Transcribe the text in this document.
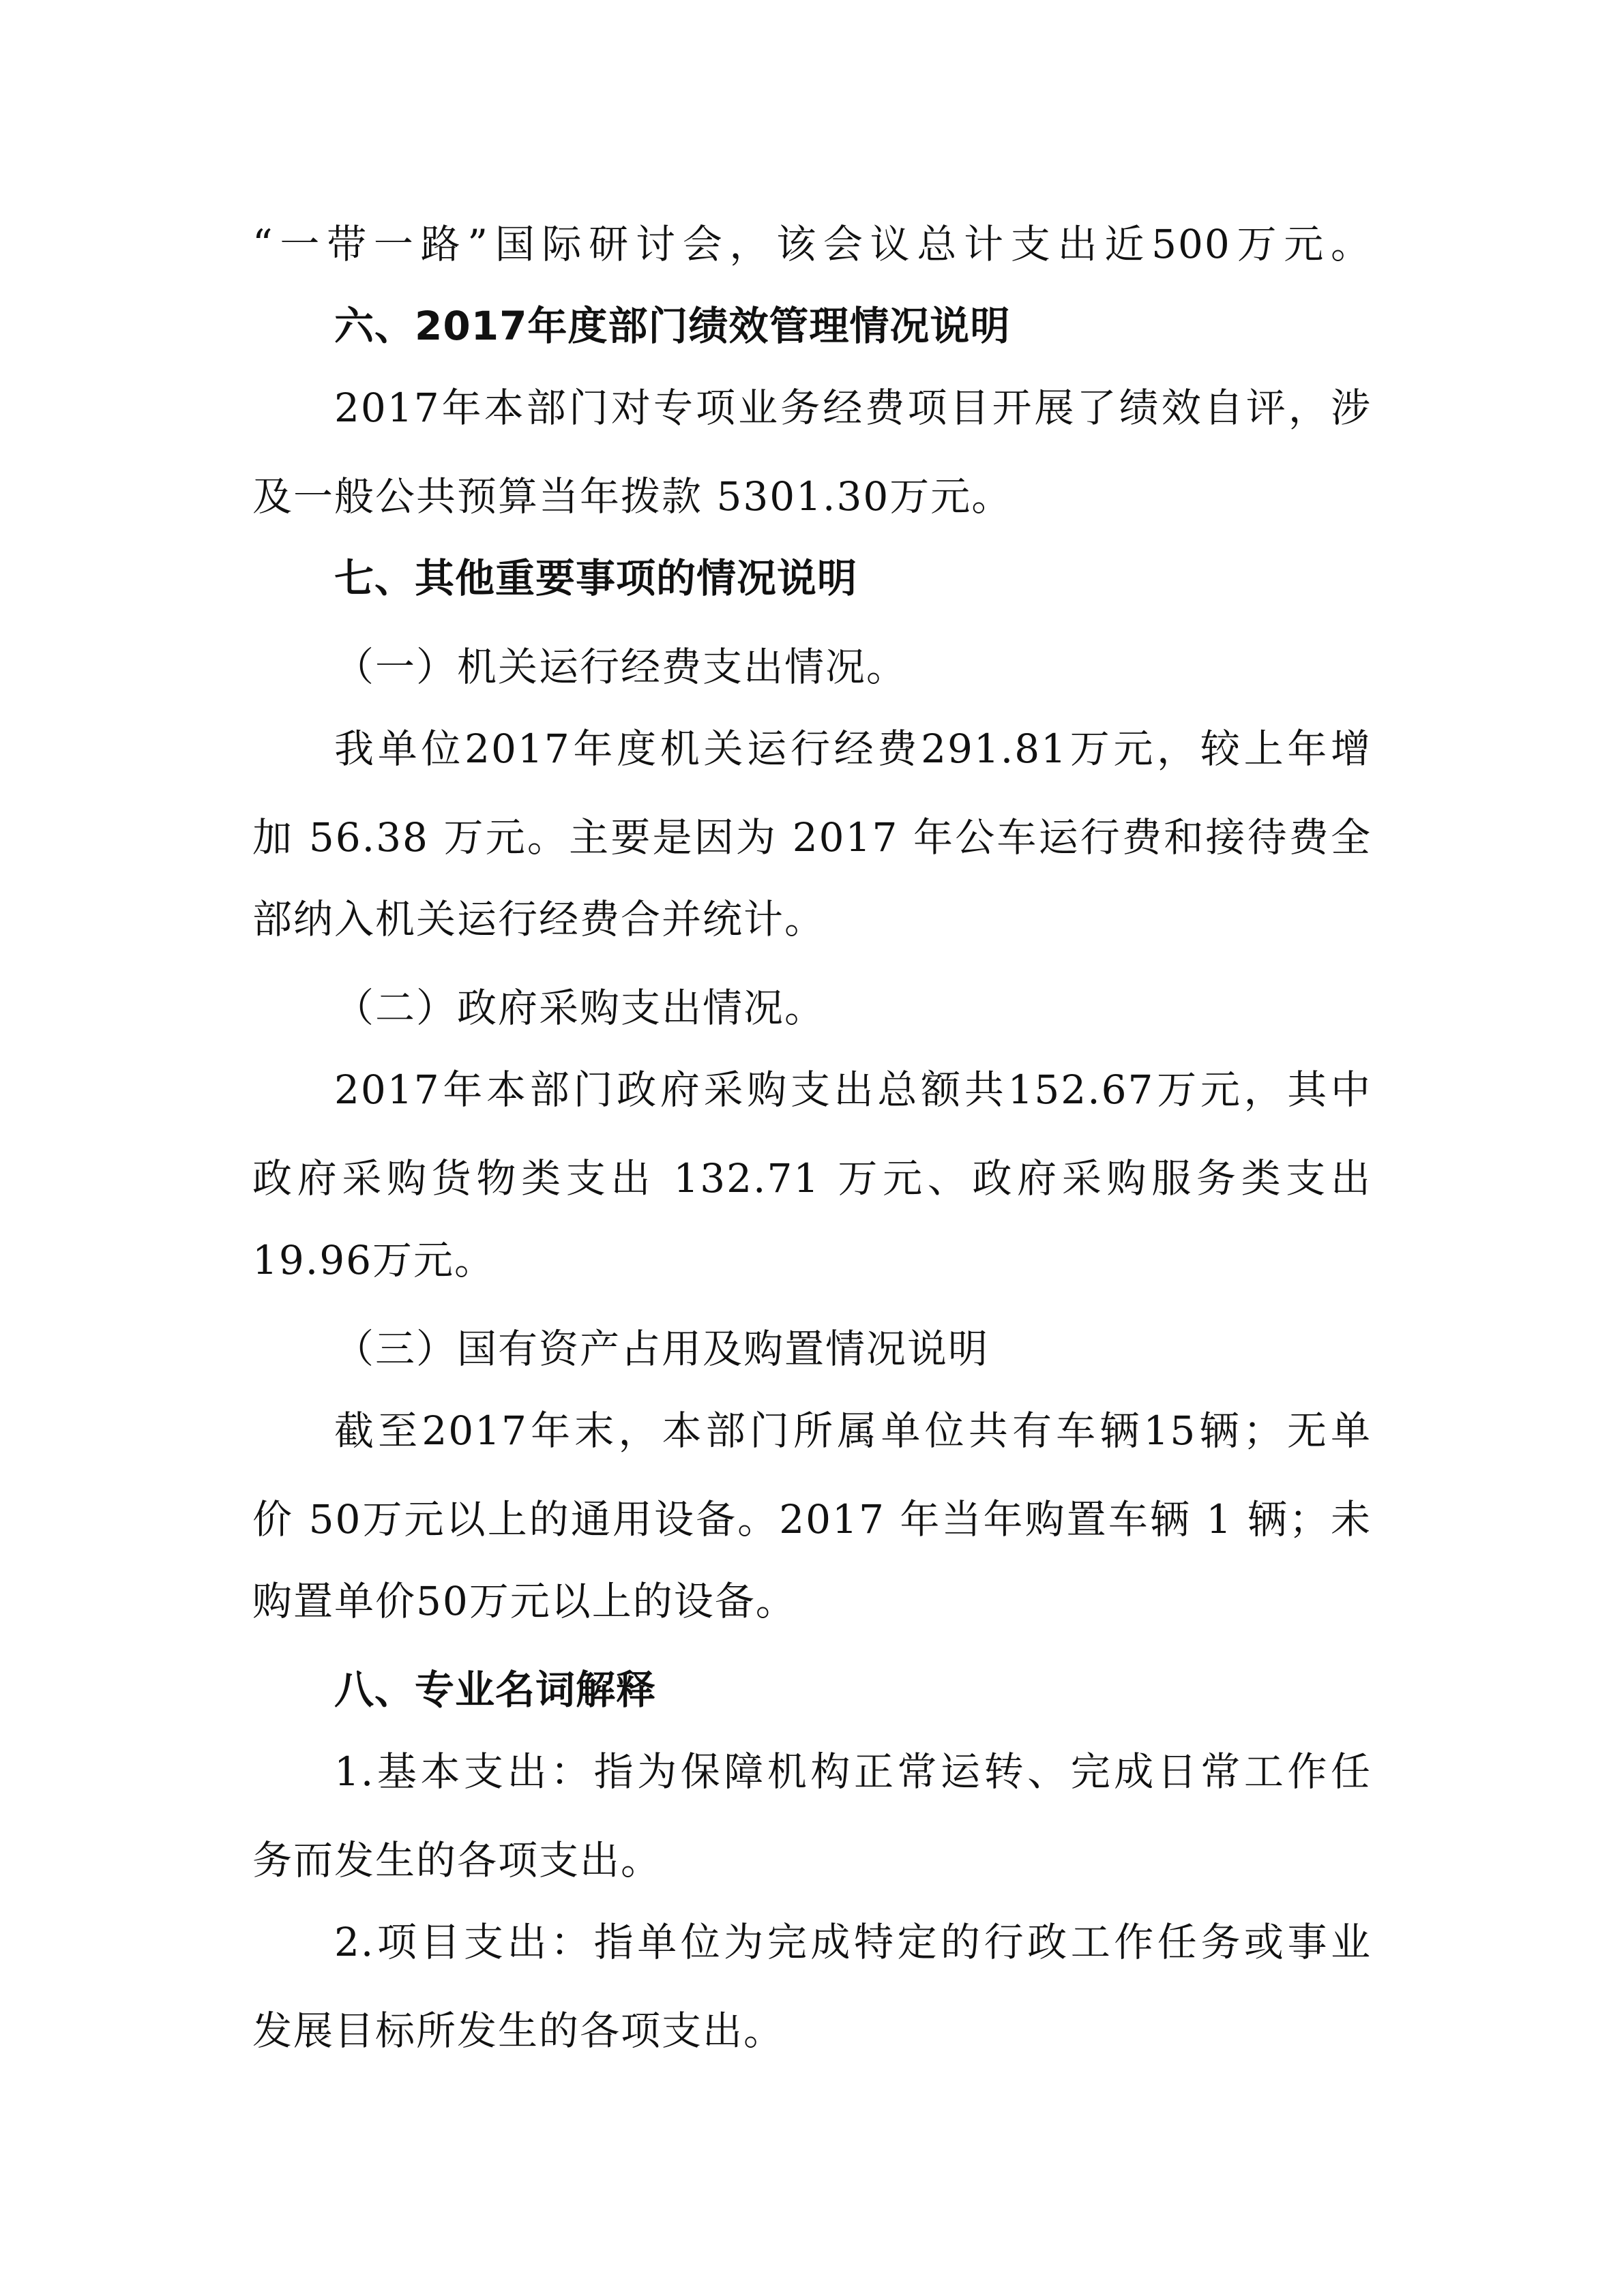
“一带一路”国际研讨会，该会议总计支出近500万元。
六、2017年度部门绩效管理情况说明
2017年本部门对专项业务经费项目开展了绩效自评，涉
及一般公共预算当年拨款 5301.30万元。
七、其他重要事项的情况说明
（一）机关运行经费支出情况。
我单位2017年度机关运行经费291.81万元，较上年增
加 56.38 万元。主要是因为 2017 年公车运行费和接待费全
部纳入机关运行经费合并统计。
（二）政府采购支出情况。
2017年本部门政府采购支出总额共152.67万元，其中
政府采购货物类支出 132.71 万元、政府采购服务类支出
19.96万元。
（三）国有资产占用及购置情况说明
截至2017年末，本部门所属单位共有车辆15辆；无单
价 50万元以上的通用设备。2017 年当年购置车辆 1 辆；未
购置单价50万元以上的设备。
八、专业名词解释
1.基本支出：指为保障机构正常运转、完成日常工作任
务而发生的各项支出。
2.项目支出：指单位为完成特定的行政工作任务或事业
发展目标所发生的各项支出。
